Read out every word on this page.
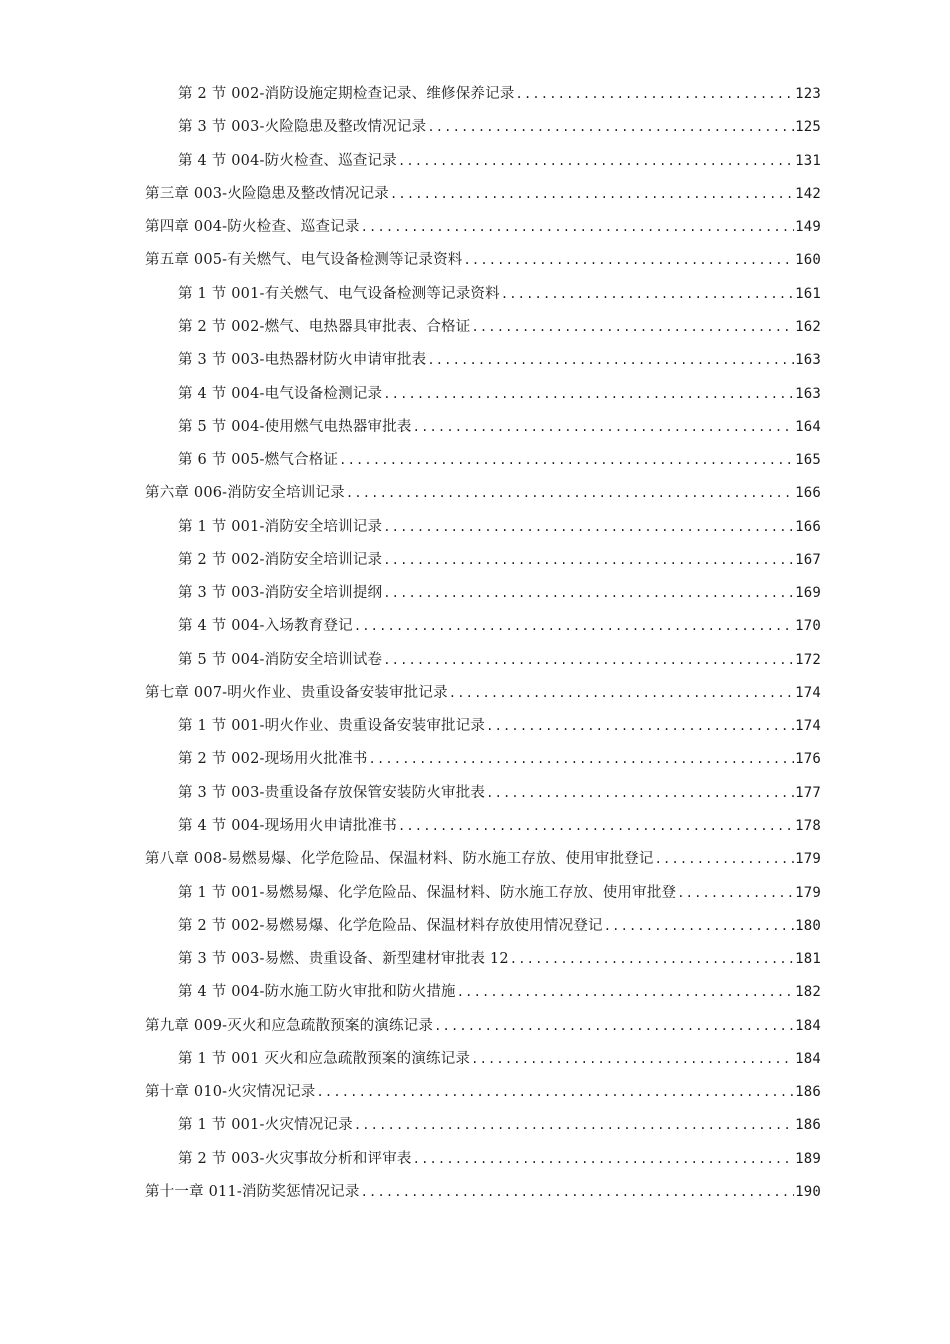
第 2 节 002-消防设施定期检查记录、维修保养记录 .....	123
第 3 节 003-火险隐患及整改情况记录 .....	125
第 4 节 004-防火检查、巡查记录 .....	131
第三章 003-火险隐患及整改情况记录 .....	142
第四章 004-防火检查、巡查记录 .....	149
第五章 005-有关燃气、电气设备检测等记录资料 .....	160
第 1 节 001-有关燃气、电气设备检测等记录资料 .....	161
第 2 节 002-燃气、电热器具审批表、合格证 .....	162
第 3 节 003-电热器材防火申请审批表 .....	163
第 4 节 004-电气设备检测记录 .....	163
第 5 节 004-使用燃气电热器审批表 .....	164
第 6 节 005-燃气合格证 .....	165
第六章 006-消防安全培训记录 .....	166
第 1 节 001-消防安全培训记录 .....	166
第 2 节 002-消防安全培训记录 .....	167
第 3 节 003-消防安全培训提纲 .....	169
第 4 节 004-入场教育登记 .....	170
第 5 节 004-消防安全培训试卷 .....	172
第七章 007-明火作业、贵重设备安装审批记录 .....	174
第 1 节 001-明火作业、贵重设备安装审批记录 .....	174
第 2 节 002-现场用火批准书 .....	176
第 3 节 003-贵重设备存放保管安装防火审批表 .....	177
第 4 节 004-现场用火申请批准书 .....	178
第八章 008-易燃易爆、化学危险品、保温材料、防水施工存放、使用审批登记 .....	179
第 1 节 001-易燃易爆、化学危险品、保温材料、防水施工存放、使用审批登 .....	179
第 2 节 002-易燃易爆、化学危险品、保温材料存放使用情况登记 .....	180
第 3 节 003-易燃、贵重设备、新型建材审批表 12 .....	181
第 4 节 004-防水施工防火审批和防火措施 .....	182
第九章 009-灭火和应急疏散预案的演练记录 .....	184
第 1 节 001 灭火和应急疏散预案的演练记录 .....	184
第十章 010-火灾情况记录 .....	186
第 1 节 001-火灾情况记录 .....	186
第 2 节 003-火灾事故分析和评审表 .....	189
第十一章 011-消防奖惩情况记录 .....	190
